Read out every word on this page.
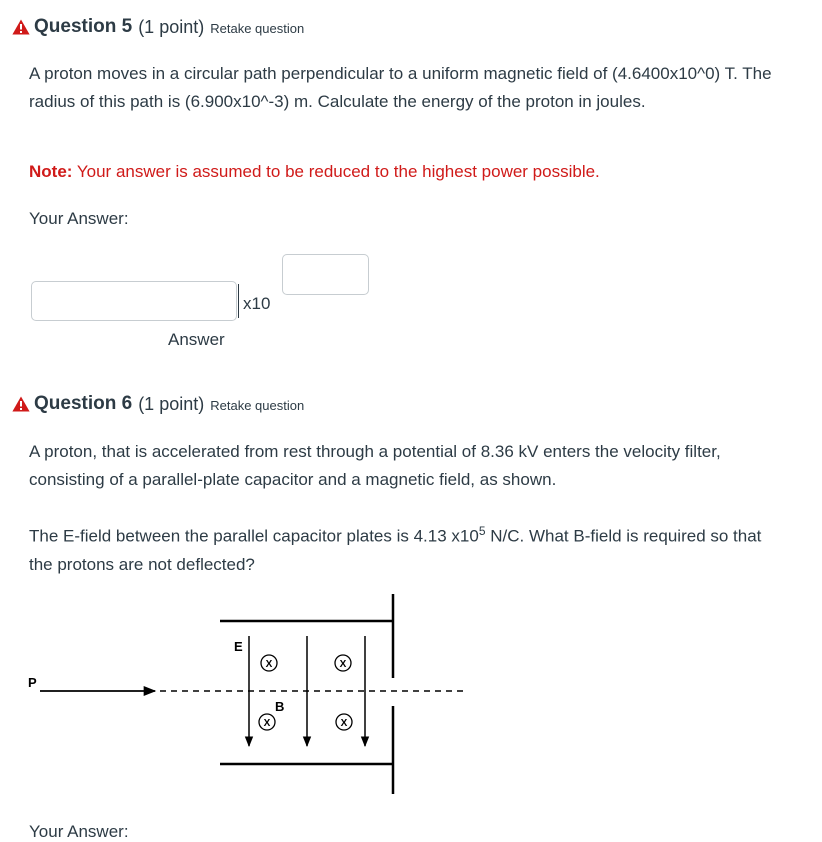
Question 5 (1 point) Retake question

A proton moves in a circular path perpendicular to a uniform magnetic field of (4.6400x10^0) T. The radius of this path is (6.900x10^-3) m. Calculate the energy of the proton in joules.

Note: Your answer is assumed to be reduced to the highest power possible.
Your Answer:
x10
Answer
Question 6 (1 point) Retake question

A proton, that is accelerated from rest through a potential of 8.36 kV enters the velocity filter, consisting of a parallel-plate capacitor and a magnetic field, as shown.

The E-field between the parallel capacitor plates is 4.13 $x10^5$ N/C. What B-field is required so that the protons are not deflected?

X	X
X	X
P
E
B
Your Answer:
